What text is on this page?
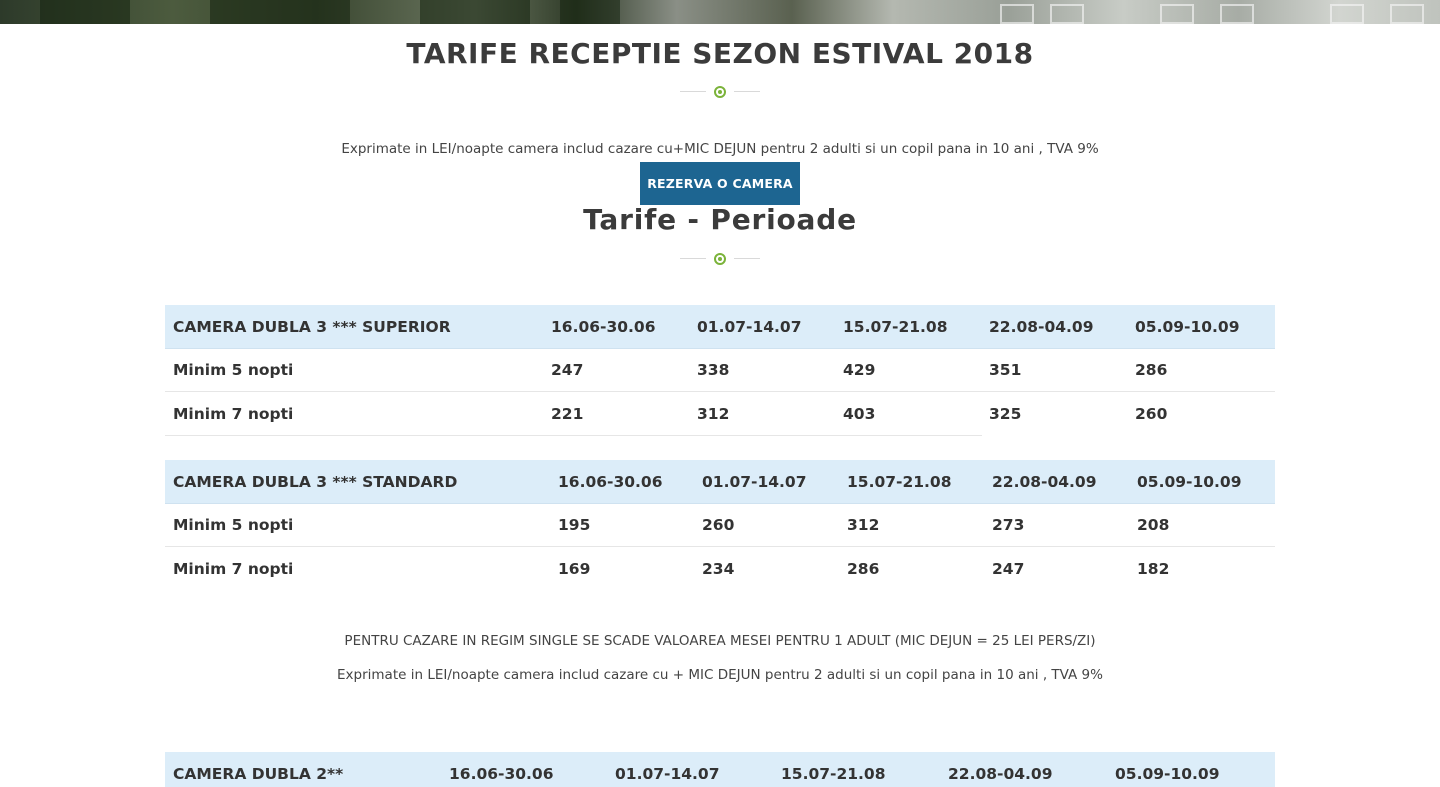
TARIFE RECEPTIE SEZON ESTIVAL 2018

Exprimate in LEI/noapte camera includ cazare cu+MIC DEJUN pentru 2 adulti si un copil pana in 10 ani , TVA 9%

REZERVA O CAMERA
Tarife - Perioade
CAMERA DUBLA 3 *** SUPERIOR	16.06-30.06	01.07-14.07	15.07-21.08	22.08-04.09	05.09-10.09
Minim 5 nopti	247	338	429	351	286
Minim 7 nopti	221	312	403	325	260
CAMERA DUBLA 3 *** STANDARD	16.06-30.06	01.07-14.07	15.07-21.08	22.08-04.09	05.09-10.09
Minim 5 nopti	195	260	312	273	208
Minim 7 nopti	169	234	286	247	182

PENTRU CAZARE IN REGIM SINGLE SE SCADE VALOAREA MESEI PENTRU 1 ADULT (MIC DEJUN = 25 LEI PERS/ZI)

Exprimate in LEI/noapte camera includ cazare cu + MIC DEJUN pentru 2 adulti si un copil pana in 10 ani , TVA 9%

CAMERA DUBLA 2**	16.06-30.06	01.07-14.07	15.07-21.08	22.08-04.09	05.09-10.09
